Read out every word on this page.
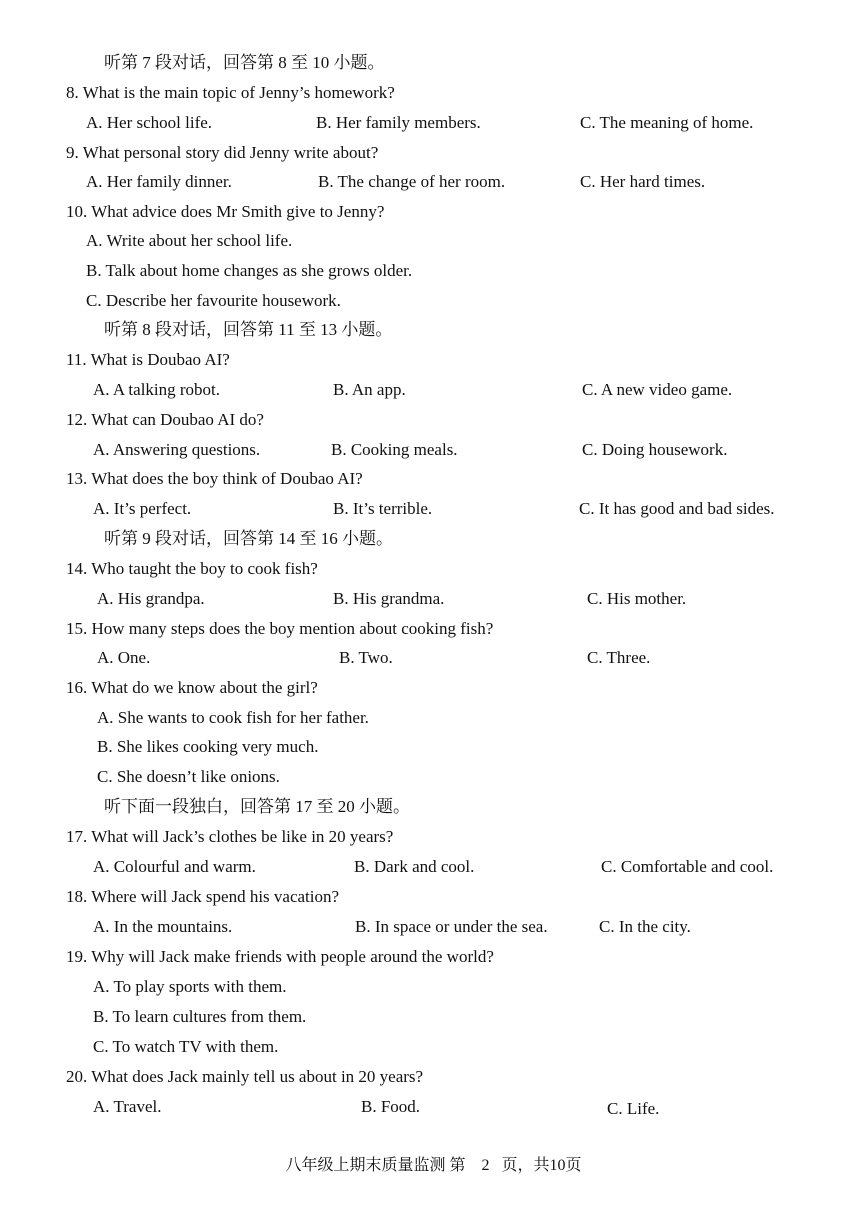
听第 7 段对话，回答第 8 至 10 小题。
8. What is the main topic of Jenny’s homework?
A. Her school life.	B. Her family members.	C. The meaning of home.
9. What personal story did Jenny write about?
A. Her family dinner.	B. The change of her room.	C. Her hard times.
10. What advice does Mr Smith give to Jenny?
A. Write about her school life.
B. Talk about home changes as she grows older.
C. Describe her favourite housework.
听第 8 段对话，回答第 11 至 13 小题。
11. What is Doubao AI?
A. A talking robot.	B. An app.	C. A new video game.
12. What can Doubao AI do?
A. Answering questions.	B. Cooking meals.	C. Doing housework.
13. What does the boy think of Doubao AI?
A. It’s perfect.	B. It’s terrible.	C. It has good and bad sides.
听第 9 段对话，回答第 14 至 16 小题。
14. Who taught the boy to cook fish?
A. His grandpa.	B. His grandma.	C. His mother.
15. How many steps does the boy mention about cooking fish?
A. One.	B. Two.	C. Three.
16. What do we know about the girl?
A. She wants to cook fish for her father.
B. She likes cooking very much.
C. She doesn’t like onions.
听下面一段独白，回答第 17 至 20 小题。
17. What will Jack’s clothes be like in 20 years?
A. Colourful and warm.	B. Dark and cool.	C. Comfortable and cool.
18. Where will Jack spend his vacation?
A. In the mountains.	B. In space or under the sea.	C. In the city.
19. Why will Jack make friends with people around the world?
A. To play sports with them.
B. To learn cultures from them.
C. To watch TV with them.
20. What does Jack mainly tell us about in 20 years?
A. Travel.	B. Food.	C. Life.
八年级上期末质量监测 第 2 页，共10页
